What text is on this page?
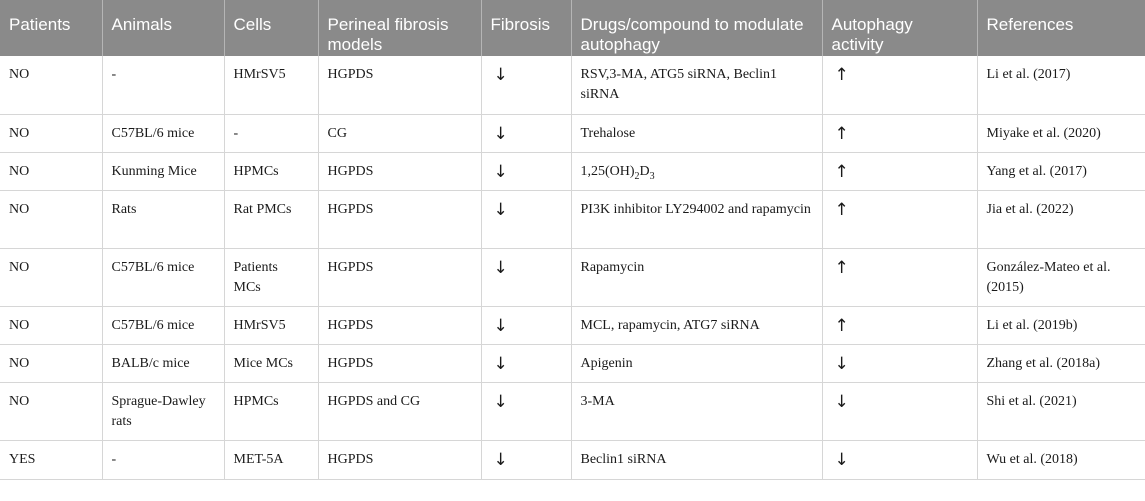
Patients	Animals	Cells	Perineal fibrosis models	Fibrosis	Drugs/compound to modulate autophagy	Autophagy activity	References
NO	-	HMrSV5	HGPDS	↓	RSV,3-MA, ATG5 siRNA, Beclin1 siRNA	↑	Li et al. (2017)
NO	C57BL/6 mice	-	CG	↓	Trehalose	↑	Miyake et al. (2020)
NO	Kunming Mice	HPMCs	HGPDS	↓	$1,25(OH)_2D_3$	↑	Yang et al. (2017)
NO	Rats	Rat PMCs	HGPDS	↓	PI3K inhibitor LY294002 and rapamycin	↑	Jia et al. (2022)
NO	C57BL/6 mice	Patients MCs	HGPDS	↓	Rapamycin	↑	González-Mateo et al. (2015)
NO	C57BL/6 mice	HMrSV5	HGPDS	↓	MCL, rapamycin, ATG7 siRNA	↑	Li et al. (2019b)
NO	BALB/c mice	Mice MCs	HGPDS	↓	Apigenin	↓	Zhang et al. (2018a)
NO	Sprague-Dawley rats	HPMCs	HGPDS and CG	↓	3-MA	↓	Shi et al. (2021)
YES	-	MET-5A	HGPDS	↓	Beclin1 siRNA	↓	Wu et al. (2018)
